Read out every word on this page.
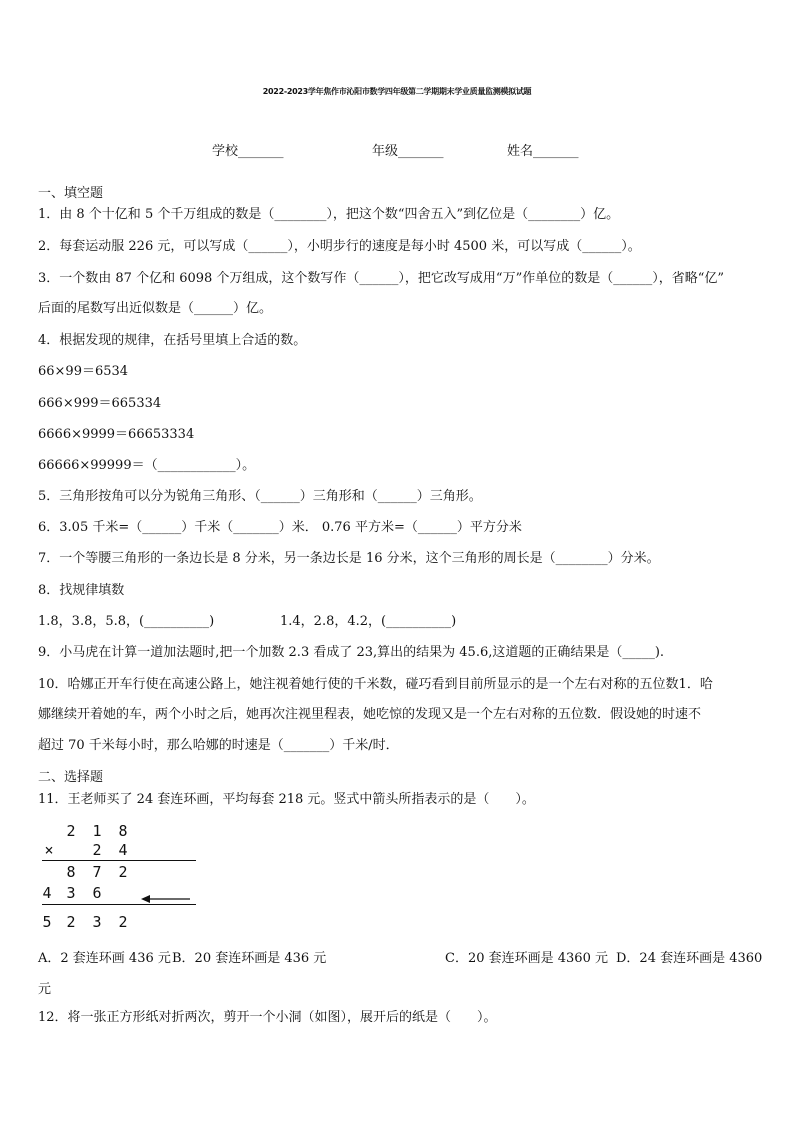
2022-2023学年焦作市沁阳市数学四年级第二学期期末学业质量监测模拟试题
学校_______	年级_______	姓名_______
一、填空题
1．由 8 个十亿和 5 个千万组成的数是（________），把这个数“四舍五入”到亿位是（________）亿。
2．每套运动服 226 元，可以写成（______），小明步行的速度是每小时 4500 米，可以写成（______）。
3．一个数由 87 个亿和 6098 个万组成，这个数写作（______），把它改写成用“万”作单位的数是（______），省略“亿”
后面的尾数写出近似数是（______）亿。
4．根据发现的规律，在括号里填上合适的数。
66×99＝6534
666×999＝665334
6666×9999＝66653334
66666×99999＝（____________）。
5．三角形按角可以分为锐角三角形、（______）三角形和（______）三角形。
6．3.05 千米=（______）千米（_______）米． 0.76 平方米=（______）平方分米
7．一个等腰三角形的一条边长是 8 分米，另一条边长是 16 分米，这个三角形的周长是（________）分米。
8．找规律填数
1.8，3.8，5.8，(__________)	1.4，2.8，4.2，(__________)
9．小马虎在计算一道加法题时,把一个加数 2.3 看成了 23,算出的结果为 45.6,这道题的正确结果是（_____).
10．哈娜正开车行使在高速公路上，她注视着她行使的千米数，碰巧看到目前所显示的是一个左右对称的五位数1．哈
娜继续开着她的车，两个小时之后，她再次注视里程表，她吃惊的发现又是一个左右对称的五位数．假设她的时速不
超过 70 千米每小时，那么哈娜的时速是（_______）千米/时．
二、选择题
11．王老师买了 24 套连环画，平均每套 218 元。竖式中箭头所指表示的是（　　）。
2 1 8
×	2 4
8 7 2
4 3 6
5 2 3 2
A．2 套连环画 436 元 B．20 套连环画是 436 元	C．20 套连环画是 4360 元 D．24 套连环画是 4360
元
12．将一张正方形纸对折两次，剪开一个小洞（如图），展开后的纸是（　　）。
